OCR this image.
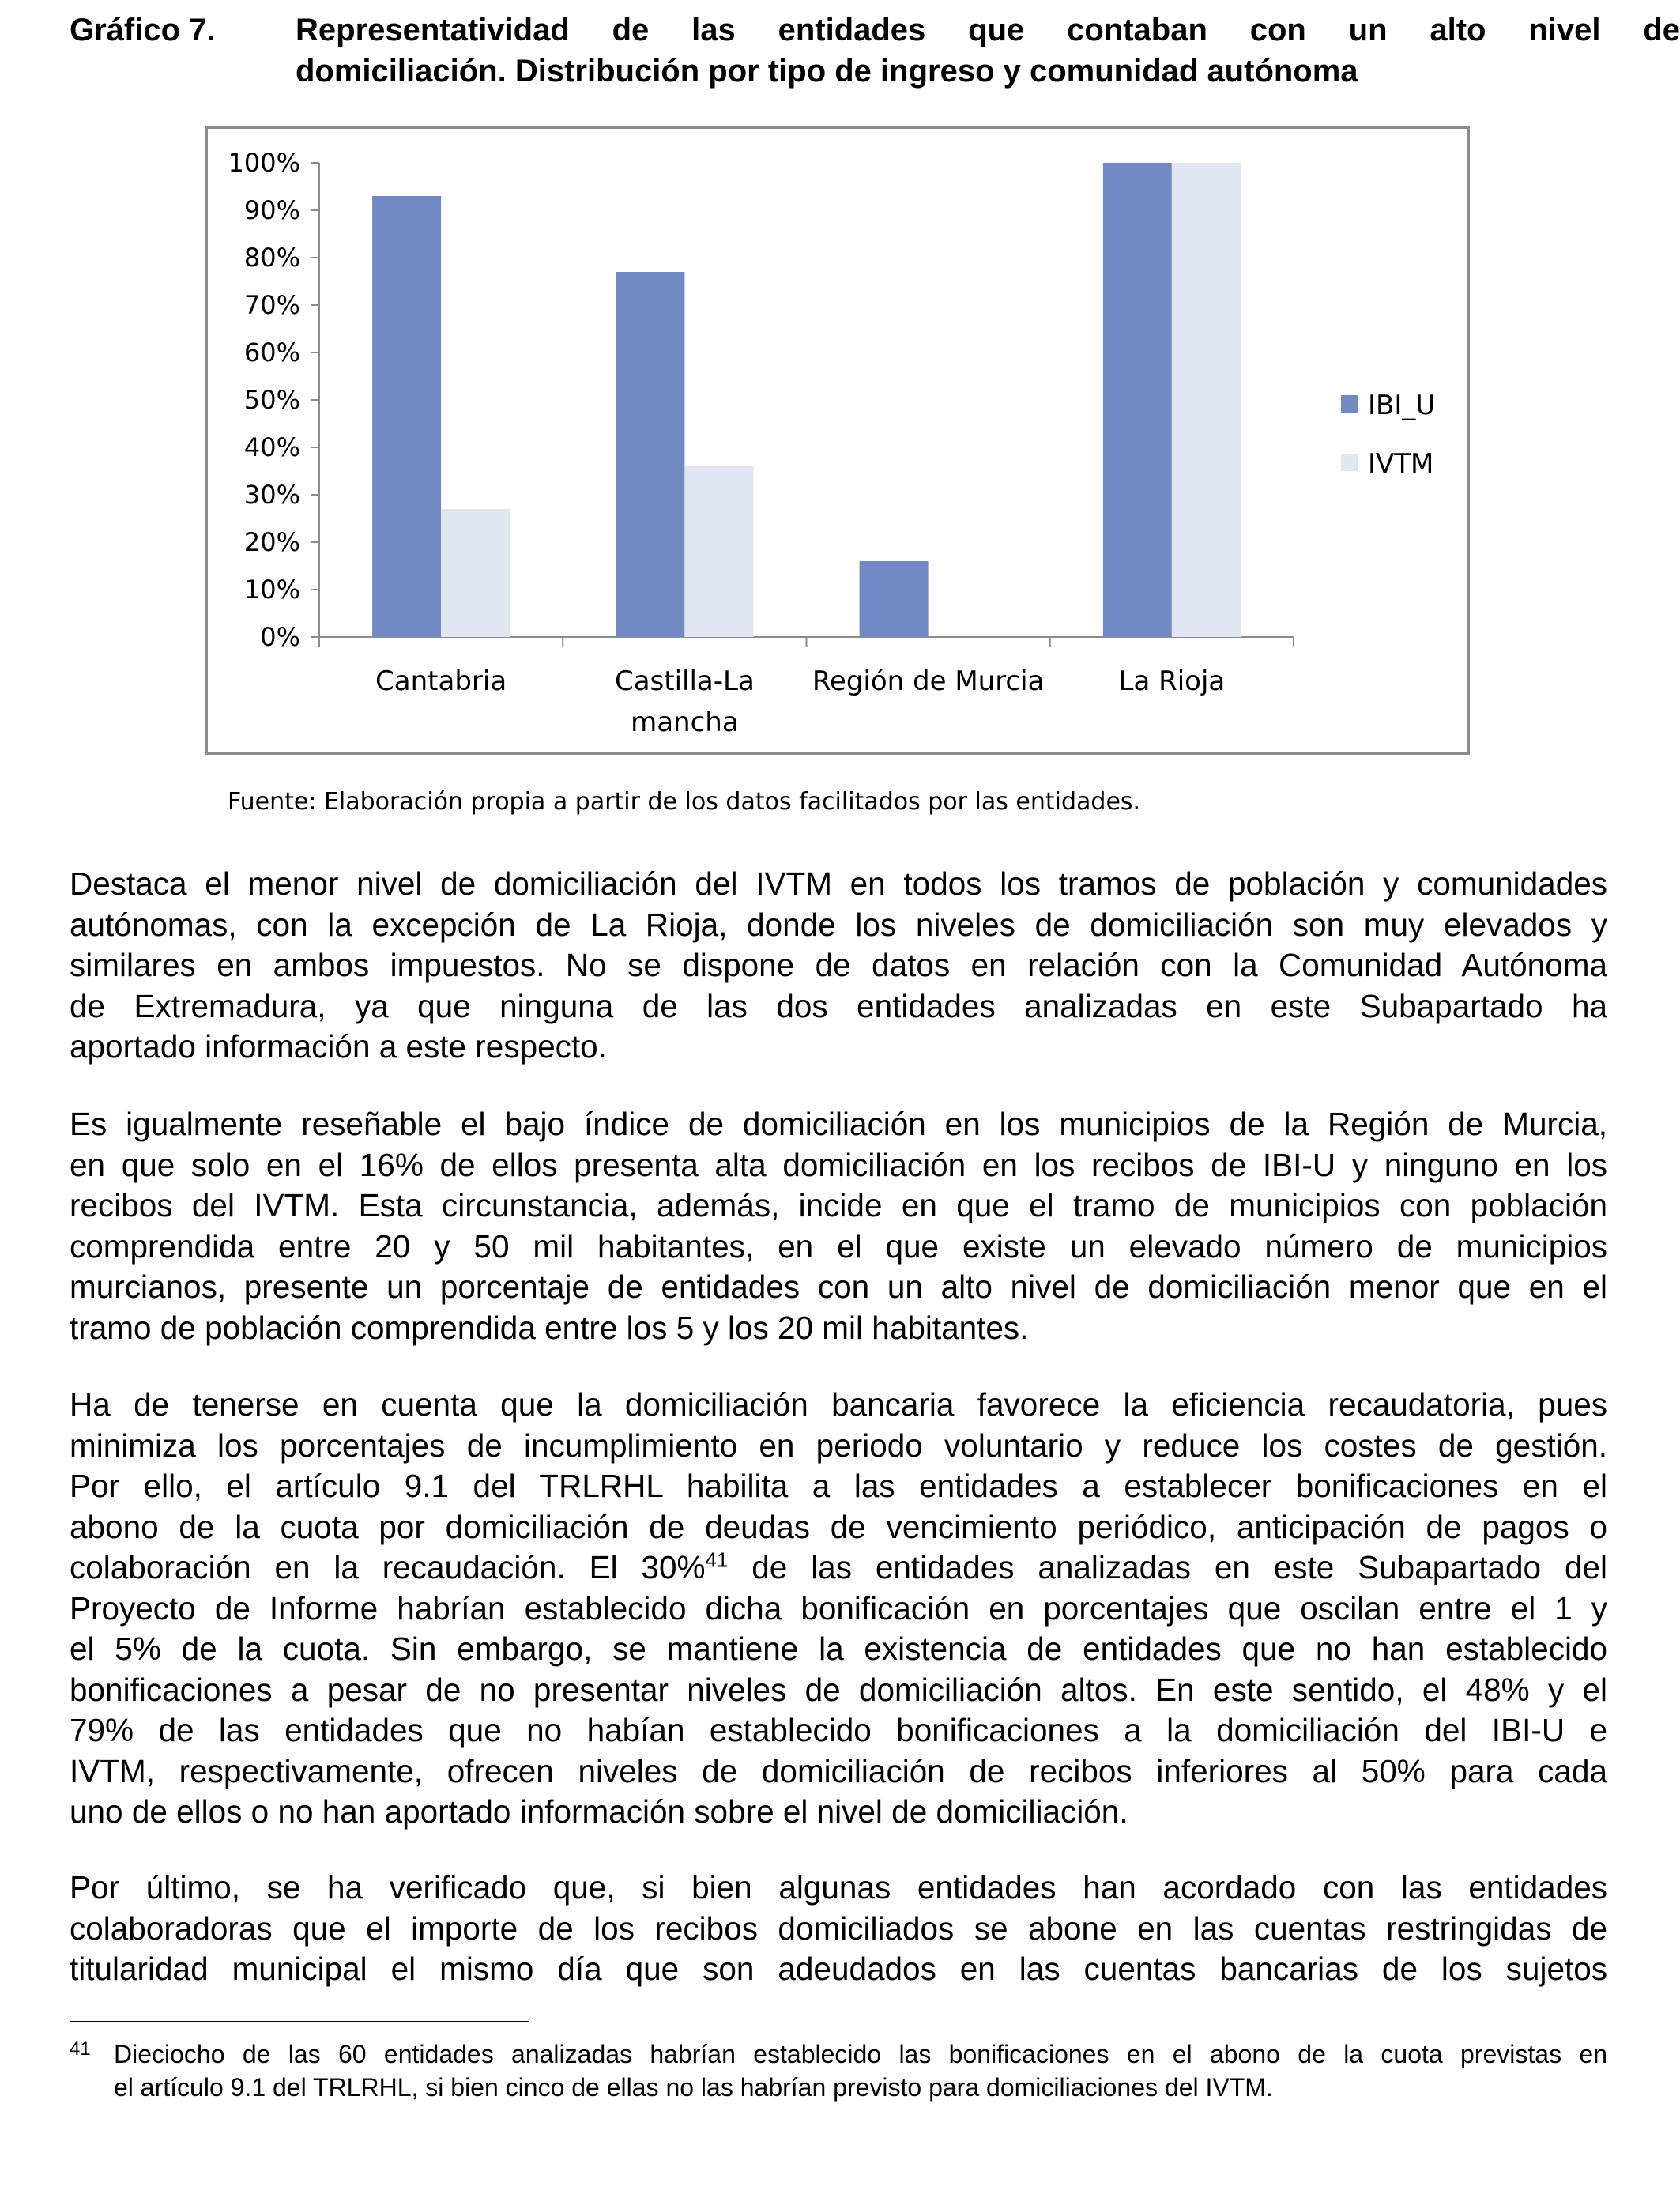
Gráfico 7.	Representatividad de las entidades que contaban con un alto nivel de
domiciliación. Distribución por tipo de ingreso y comunidad autónoma
0%
10%
20%
30%
40%
50%
60%
70%
80%
90%
100%
Cantabria	Castilla-La
mancha
Región de Murcia	La Rioja
IBI_U
IVTM
Fuente: Elaboración propia a partir de los datos facilitados por las entidades.

Destaca el menor nivel de domiciliación del IVTM en todos los tramos de población y comunidades
autónomas, con la excepción de La Rioja, donde los niveles de domiciliación son muy elevados y
similares en ambos impuestos. No se dispone de datos en relación con la Comunidad Autónoma
de Extremadura, ya que ninguna de las dos entidades analizadas en este Subapartado ha
aportado información a este respecto.

Es igualmente reseñable el bajo índice de domiciliación en los municipios de la Región de Murcia,
en que solo en el 16% de ellos presenta alta domiciliación en los recibos de IBI-U y ninguno en los
recibos del IVTM. Esta circunstancia, además, incide en que el tramo de municipios con población
comprendida entre 20 y 50 mil habitantes, en el que existe un elevado número de municipios
murcianos, presente un porcentaje de entidades con un alto nivel de domiciliación menor que en el
tramo de población comprendida entre los 5 y los 20 mil habitantes.

Ha de tenerse en cuenta que la domiciliación bancaria favorece la eficiencia recaudatoria, pues
minimiza los porcentajes de incumplimiento en periodo voluntario y reduce los costes de gestión.
Por ello, el artículo 9.1 del TRLRHL habilita a las entidades a establecer bonificaciones en el
abono de la cuota por domiciliación de deudas de vencimiento periódico, anticipación de pagos o
colaboración en la recaudación. El 30%$^{41}$ de las entidades analizadas en este Subapartado del
Proyecto de Informe habrían establecido dicha bonificación en porcentajes que oscilan entre el 1 y
el 5% de la cuota. Sin embargo, se mantiene la existencia de entidades que no han establecido
bonificaciones a pesar de no presentar niveles de domiciliación altos. En este sentido, el 48% y el
79% de las entidades que no habían establecido bonificaciones a la domiciliación del IBI-U e
IVTM, respectivamente, ofrecen niveles de domiciliación de recibos inferiores al 50% para cada
uno de ellos o no han aportado información sobre el nivel de domiciliación.

Por último, se ha verificado que, si bien algunas entidades han acordado con las entidades
colaboradoras que el importe de los recibos domiciliados se abone en las cuentas restringidas de
titularidad municipal el mismo día que son adeudados en las cuentas bancarias de los sujetos

41 Dieciocho de las 60 entidades analizadas habrían establecido las bonificaciones en el abono de la cuota previstas en
el artículo 9.1 del TRLRHL, si bien cinco de ellas no las habrían previsto para domiciliaciones del IVTM.
